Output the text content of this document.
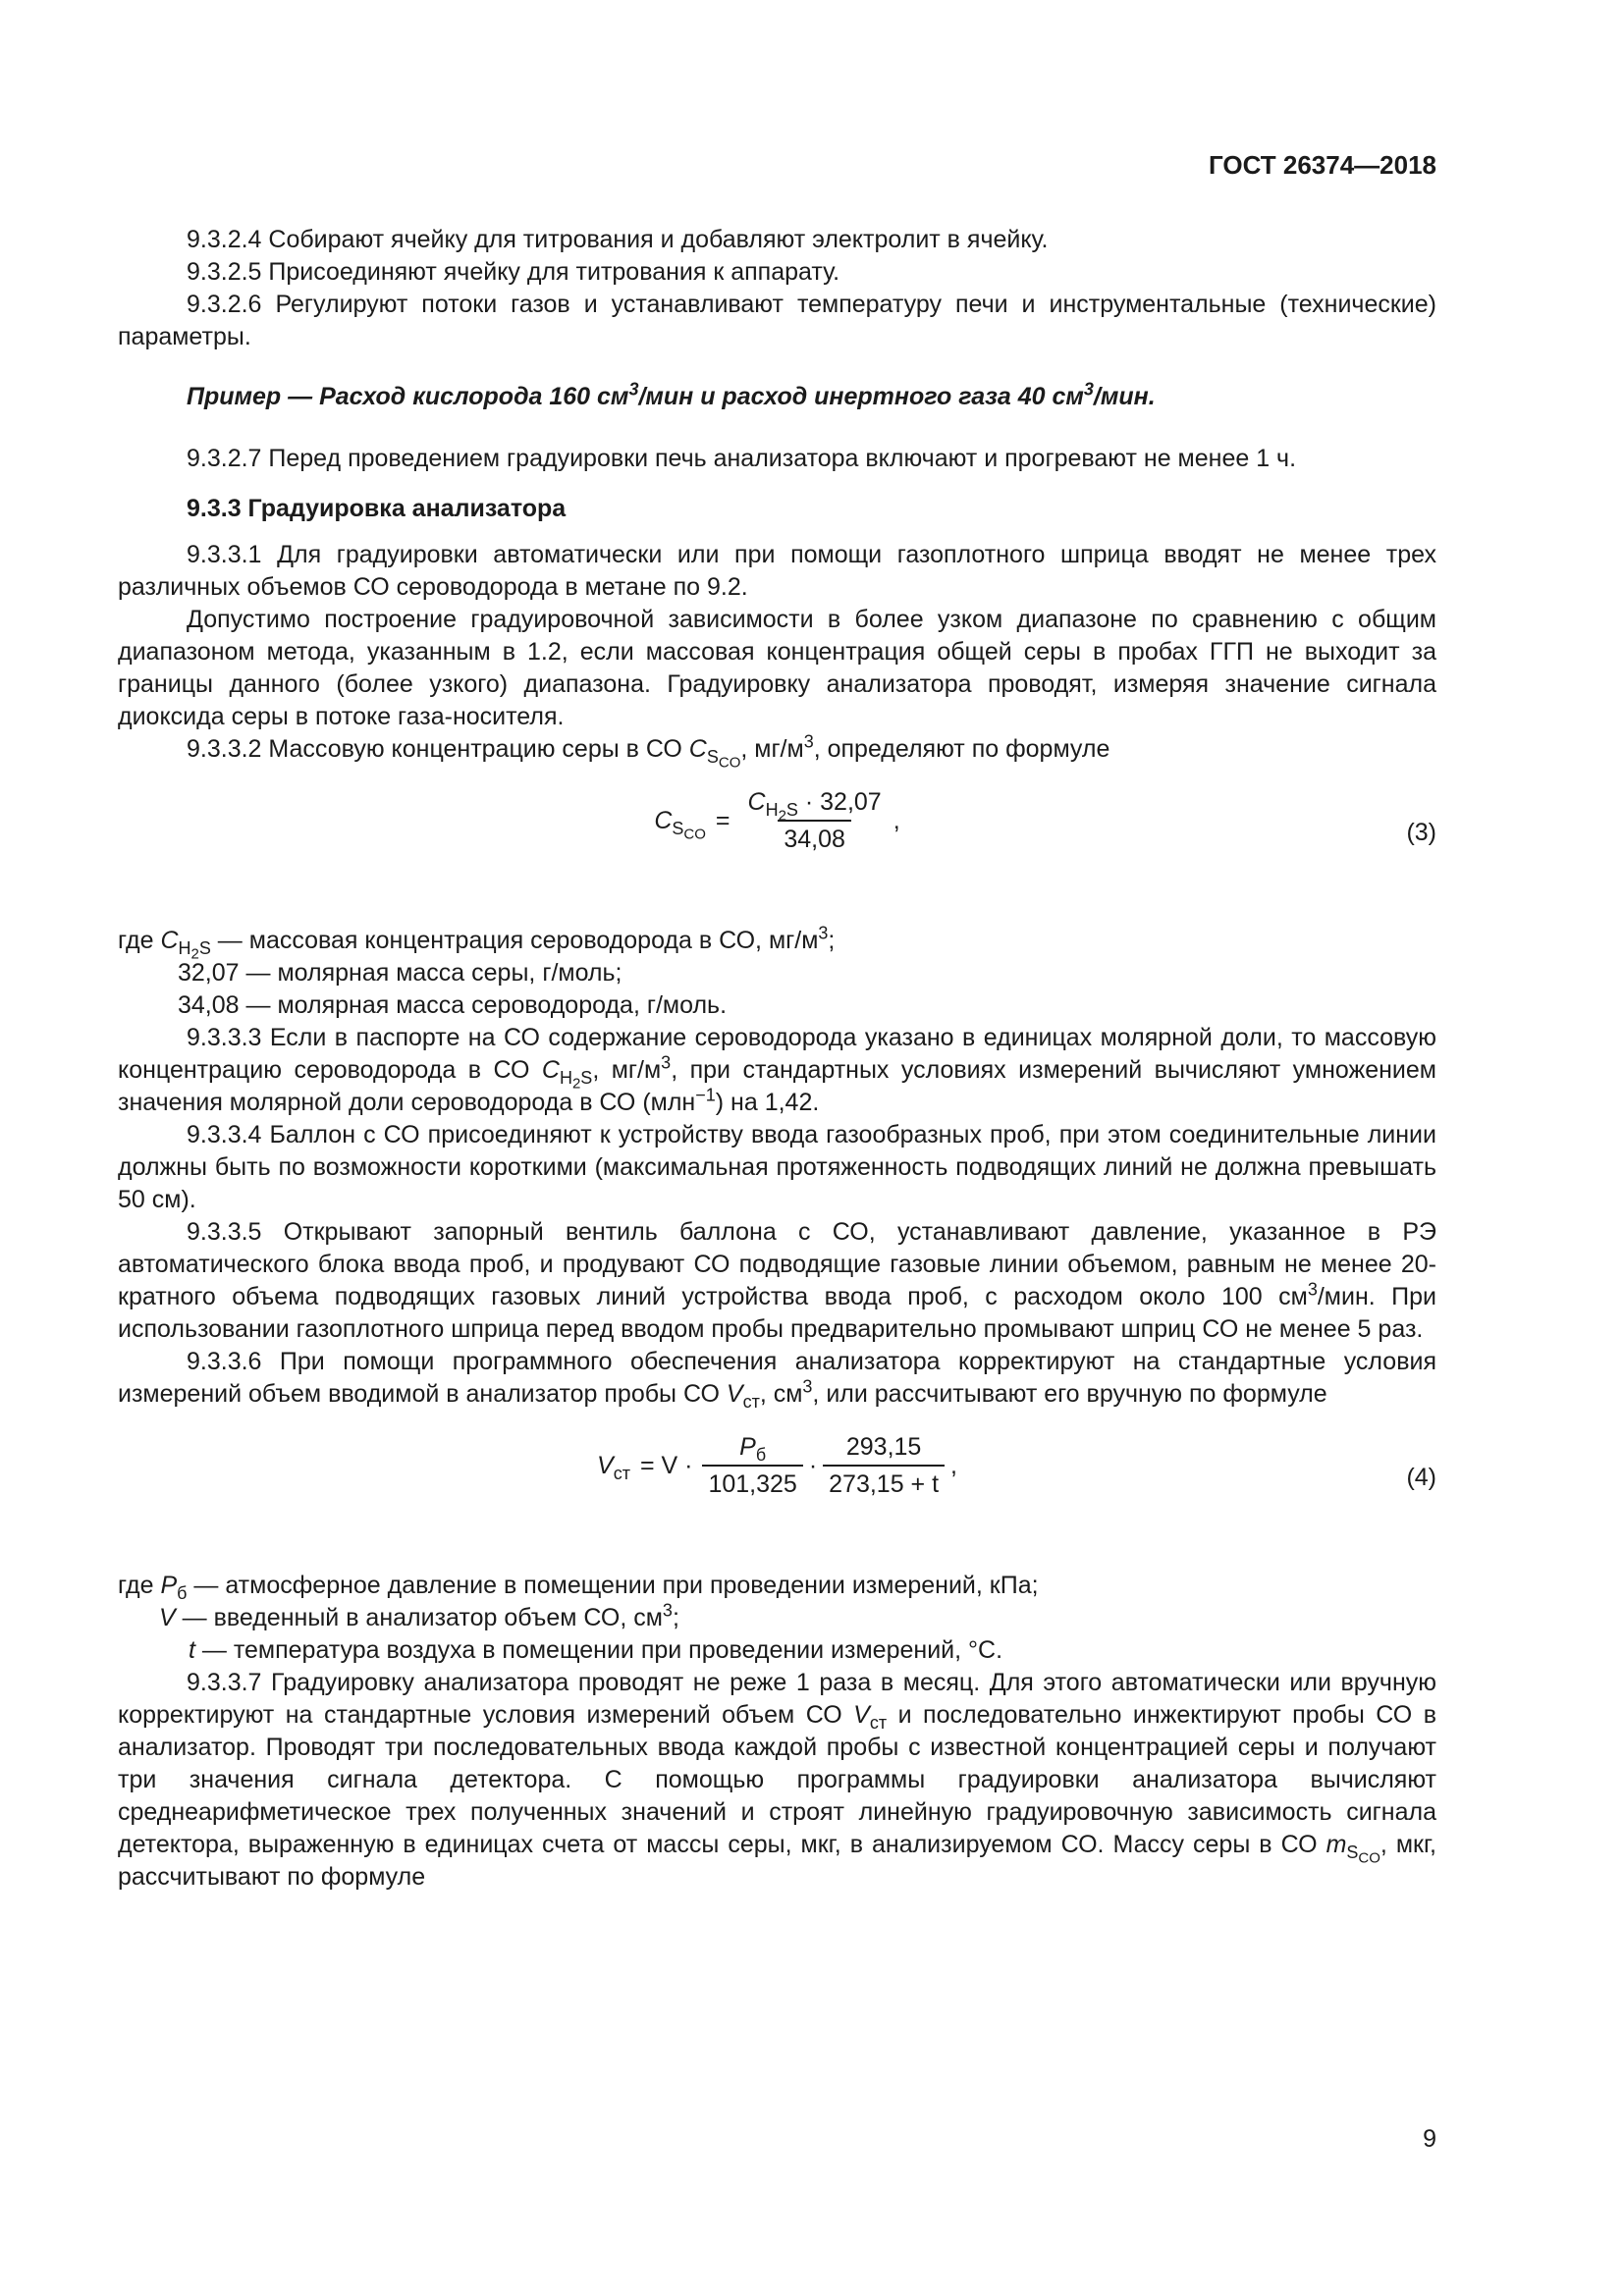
ГОСТ 26374—2018

9.3.2.4 Собирают ячейку для титрования и добавляют электролит в ячейку.

9.3.2.5 Присоединяют ячейку для титрования к аппарату.

9.3.2.6 Регулируют потоки газов и устанавливают температуру печи и инструментальные (технические) параметры.

Пример — Расход кислорода 160 $см^3$/мин и расход инертного газа 40 $см^3$/мин.

9.3.2.7 Перед проведением градуировки печь анализатора включают и прогревают не менее 1 ч.

9.3.3 Градуировка анализатора

9.3.3.1 Для градуировки автоматически или при помощи газоплотного шприца вводят не менее трех различных объемов СО сероводорода в метане по 9.2.

Допустимо построение градуировочной зависимости в более узком диапазоне по сравнению с общим диапазоном метода, указанным в 1.2, если массовая концентрация общей серы в пробах ГГП не выходит за границы данного (более узкого) диапазона. Градуировку анализатора проводят, измеряя значение сигнала диоксида серы в потоке газа-носителя.

9.3.3.2 Массовую концентрацию серы в СО $C_{S_{CO}}$, $мг/м^3$, определяют по формуле

$C_{S_{CO}}$
= $\frac{C_{H_2S} \cdot 32,07}{34,08}$ ,	(3)

где $C_{H_2S}$ — массовая концентрация сероводорода в СО, $мг/м^3$;

32,07 — молярная масса серы, г/моль;

34,08 — молярная масса сероводорода, г/моль.

9.3.3.3 Если в паспорте на СО содержание сероводорода указано в единицах молярной доли, то массовую концентрацию сероводорода в СО $C_{H_2S}$, $мг/м^3$, при стандартных условиях измерений вычисляют умножением значения молярной доли сероводорода в СО (млн$^{-1}$) на 1,42.

9.3.3.4 Баллон с СО присоединяют к устройству ввода газообразных проб, при этом соединительные линии должны быть по возможности короткими (максимальная протяженность подводящих линий не должна превышать 50 см).

9.3.3.5 Открывают запорный вентиль баллона с СО, устанавливают давление, указанное в РЭ автоматического блока ввода проб, и продувают СО подводящие газовые линии объемом, равным не менее 20-кратного объема подводящих газовых линий устройства ввода проб, с расходом около 100 $см^3$/мин. При использовании газоплотного шприца перед вводом пробы предварительно промывают шприц СО не менее 5 раз.

9.3.3.6 При помощи программного обеспечения анализатора корректируют на стандартные условия измерений объем вводимой в анализатор пробы СО $V_{ст}$, $см^3$, или рассчитывают его вручную по формуле

$V_{ст} = V \cdot \frac{P_б}{101,325} \cdot \frac{293,15}{273,15 + t}$ ,	(4)

где $P_б$ — атмосферное давление в помещении при проведении измерений, кПа;

V — введенный в анализатор объем СО, $см^3$;

t — температура воздуха в помещении при проведении измерений, °С.

9.3.3.7 Градуировку анализатора проводят не реже 1 раза в месяц. Для этого автоматически или вручную корректируют на стандартные условия измерений объем СО $V_{ст}$ и последовательно инжектируют пробы СО в анализатор. Проводят три последовательных ввода каждой пробы с известной концентрацией серы и получают три значения сигнала детектора. С помощью программы градуировки анализатора вычисляют среднеарифметическое трех полученных значений и строят линейную градуировочную зависимость сигнала детектора, выраженную в единицах счета от массы серы, мкг, в анализируемом СО. Массу серы в СО $m_{S_{CO}}$, мкг, рассчитывают по формуле

9
